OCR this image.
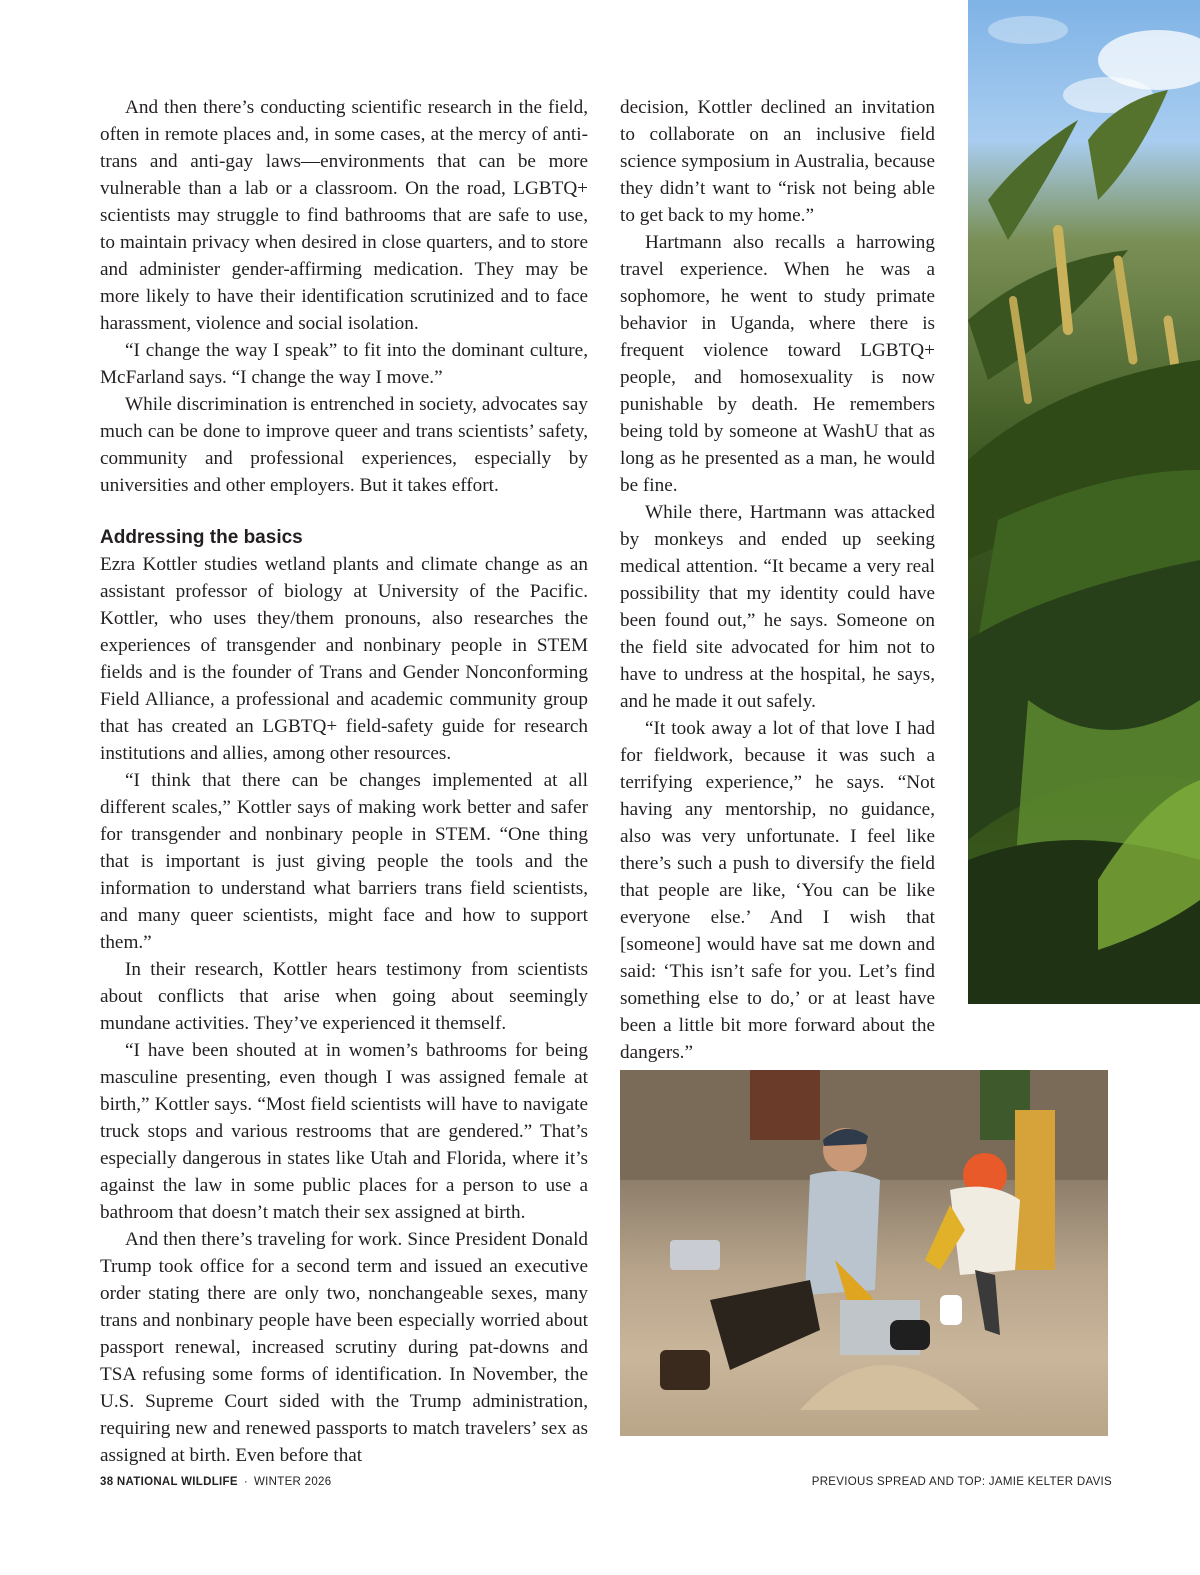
And then there’s conducting scientific research in the field, often in remote places and, in some cases, at the mercy of anti-trans and anti-gay laws—environments that can be more vulnerable than a lab or a classroom. On the road, LGBTQ+ scientists may struggle to find bathrooms that are safe to use, to maintain privacy when desired in close quarters, and to store and administer gender-affirming medication. They may be more likely to have their identification scrutinized and to face harassment, violence and social isolation.

“I change the way I speak” to fit into the dominant culture, McFarland says. “I change the way I move.”

While discrimination is entrenched in society, advocates say much can be done to improve queer and trans scientists’ safety, community and professional experiences, especially by universities and other employers. But it takes effort.

Addressing the basics

Ezra Kottler studies wetland plants and climate change as an assistant professor of biology at University of the Pacific. Kottler, who uses they/them pronouns, also researches the experiences of transgender and nonbinary people in STEM fields and is the founder of Trans and Gender Nonconforming Field Alliance, a professional and academic community group that has created an LGBTQ+ field-safety guide for research institutions and allies, among other resources.

“I think that there can be changes implemented at all different scales,” Kottler says of making work better and safer for transgender and nonbinary people in STEM. “One thing that is important is just giving people the tools and the information to understand what barriers trans field scientists, and many queer scientists, might face and how to support them.”

In their research, Kottler hears testimony from scientists about conflicts that arise when going about seemingly mundane activities. They’ve experienced it themself.

“I have been shouted at in women’s bathrooms for being masculine presenting, even though I was assigned female at birth,” Kottler says. “Most field scientists will have to navigate truck stops and various restrooms that are gendered.” That’s especially dangerous in states like Utah and Florida, where it’s against the law in some public places for a person to use a bathroom that doesn’t match their sex assigned at birth.

And then there’s traveling for work. Since President Donald Trump took office for a second term and issued an executive order stating there are only two, nonchangeable sexes, many trans and nonbinary people have been especially worried about passport renewal, increased scrutiny during pat-downs and TSA refusing some forms of identification. In November, the U.S. Supreme Court sided with the Trump administration, requiring new and renewed passports to match travelers’ sex as assigned at birth. Even before that

decision, Kottler declined an invitation to collaborate on an inclusive field science symposium in Australia, because they didn’t want to “risk not being able to get back to my home.”

Hartmann also recalls a harrowing travel experience. When he was a sophomore, he went to study primate behavior in Uganda, where there is frequent violence toward LGBTQ+ people, and homosexuality is now punishable by death. He remembers being told by someone at WashU that as long as he presented as a man, he would be fine.

While there, Hartmann was attacked by monkeys and ended up seeking medical attention. “It became a very real possibility that my identity could have been found out,” he says. Someone on the field site advocated for him not to have to undress at the hospital, he says, and he made it out safely.

“It took away a lot of that love I had for fieldwork, because it was such a terrifying experience,” he says. “Not having any mentorship, no guidance, also was very unfortunate. I feel like there’s such a push to diversify the field that people are like, ‘You can be like everyone else.’ And I wish that [someone] would have sat me down and said: ‘This isn’t safe for you. Let’s find something else to do,’ or at least have been a little bit more forward about the dangers.”

38 NATIONAL WILDLIFE · WINTER 2026	PREVIOUS SPREAD AND TOP: JAMIE KELTER DAVIS
